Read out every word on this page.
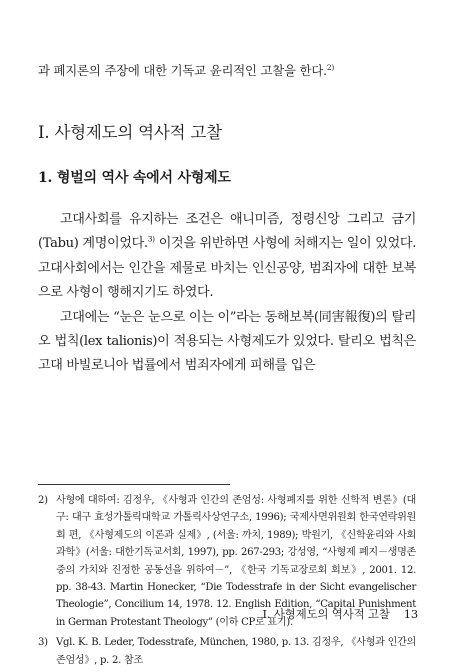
과 폐지론의 주장에 대한 기독교 윤리적인 고찰을 한다.$^{2)}$

I. 사형제도의 역사적 고찰
1. 형벌의 역사 속에서 사형제도

고대사회를 유지하는 조건은 애니미즘, 정령신앙 그리고 금기(Tabu) 계명이었다.$^{3)}$ 이것을 위반하면 사형에 처해지는 일이 있었다. 고대사회에서는 인간을 제물로 바치는 인신공양, 범죄자에 대한 보복으로 사형이 행해지기도 하였다.

고대에는 “눈은 눈으로 이는 이”라는 동해보복(同害報復)의 탈리오 법칙(lex talionis)이 적용되는 사형제도가 있었다. 탈리오 법칙은 고대 바빌로니아 법률에서 범죄자에게 피해를 입은

2) 사형에 대하여: 김정우, 《사형과 인간의 존엄성: 사형폐지를 위한 신학적 변론》(대구: 대구 효성가톨릭대학교 가톨릭사상연구소, 1996); 국제사면위원회 한국연락위원회 편, 《사형제도의 이론과 실제》, (서울: 까치, 1989); 박원기, 《신학윤리와 사회과학》(서울: 대한기독교서회, 1997), pp. 267-293; 강성영, “사형제 폐지－생명존중의 가치와 진정한 공동선을 위하여－”, 《한국 기독교장로회 회보》, 2001. 12. pp. 38-43. Martin Honecker, “Die Todesstrafe in der Sicht evangelischer Theologie”, Concilium 14, 1978. 12. English Edition, “Capital Punishment in German Protestant Theology” (이하 CP로 표기).
3) Vgl. K. B. Leder, Todesstrafe, München, 1980, p. 13. 김정우, 《사형과 인간의 존엄성》, p. 2. 참조
I. 사형제도의 역사적 고찰 13
